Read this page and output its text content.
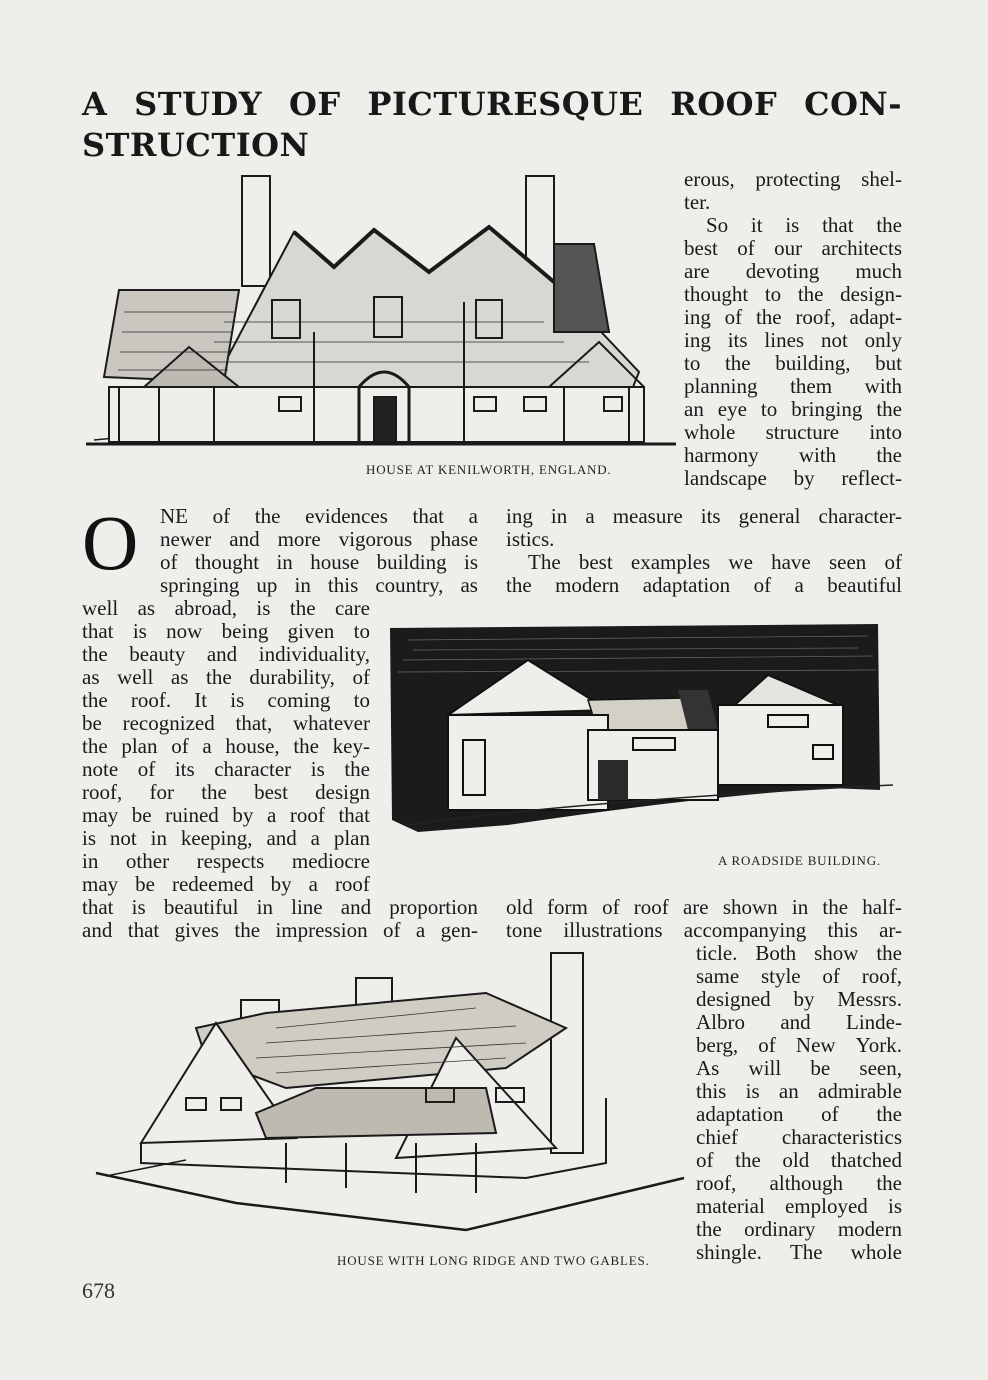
A STUDY OF PICTURESQUE ROOF CON-
STRUCTION
HOUSE AT KENILWORTH, ENGLAND.
erous, protecting shel-
ter.
So it is that the
best of our architects
are devoting much
thought to the design-
ing of the roof, adapt-
ing its lines not only
to the building, but
planning them with
an eye to bringing the
whole structure into
harmony with the
landscape by reflect-
O NE of the evidences that a
newer and more vigorous phase
of thought in house building is
springing up in this country, as
ing in a measure its general character-
istics.
The best examples we have seen of
the modern adaptation of a beautiful
well as abroad, is the care
that is now being given to
the beauty and individuality,
as well as the durability, of
the roof. It is coming to
be recognized that, whatever
the plan of a house, the key-
note of its character is the
roof, for the best design
may be ruined by a roof that
is not in keeping, and a plan
in other respects mediocre
may be redeemed by a roof
A ROADSIDE BUILDING.
that is beautiful in line and proportion
and that gives the impression of a gen-
old form of roof are shown in the half-
tone illustrations accompanying this ar-
HOUSE WITH LONG RIDGE AND TWO GABLES.
ticle. Both show the
same style of roof,
designed by Messrs.
Albro and Linde-
berg, of New York.
As will be seen,
this is an admirable
adaptation of the
chief characteristics
of the old thatched
roof, although the
material employed is
the ordinary modern
shingle. The whole
678
